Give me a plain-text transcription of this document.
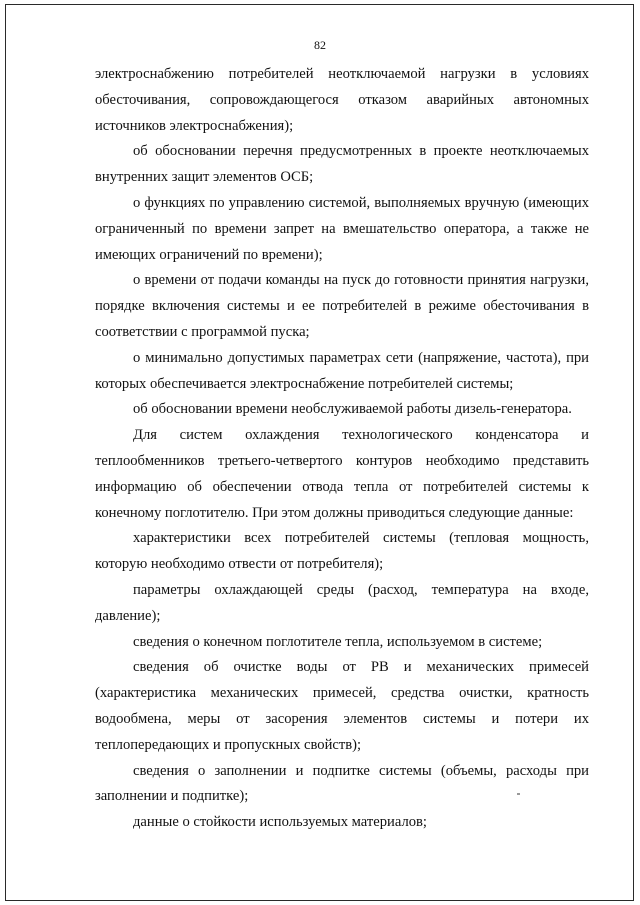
82

электроснабжению потребителей неотключаемой нагрузки в условиях обесточивания, сопровождающегося отказом аварийных автономных источников электроснабжения);

об обосновании перечня предусмотренных в проекте неотключаемых внутренних защит элементов ОСБ;

о функциях по управлению системой, выполняемых вручную (имеющих ограниченный по времени запрет на вмешательство оператора, а также не имеющих ограничений по времени);

о времени от подачи команды на пуск до готовности принятия нагрузки, порядке включения системы и ее потребителей в режиме обесточивания в соответствии с программой пуска;

о минимально допустимых параметрах сети (напряжение, частота), при которых обеспечивается электроснабжение потребителей системы;

об обосновании времени необслуживаемой работы дизель-генератора.

Для систем охлаждения технологического конденсатора и теплообменников третьего-четвертого контуров необходимо представить информацию об обеспечении отвода тепла от потребителей системы к конечному поглотителю. При этом должны приводиться следующие данные:

характеристики всех потребителей системы (тепловая мощность, которую необходимо отвести от потребителя);

параметры охлаждающей среды (расход, температура на входе, давление);

сведения о конечном поглотителе тепла, используемом в системе;

сведения об очистке воды от РВ и механических примесей (характеристика механических примесей, средства очистки, кратность водообмена, меры от засорения элементов системы и потери их теплопередающих и пропускных свойств);

сведения о заполнении и подпитке системы (объемы, расходы при заполнении и подпитке);

данные о стойкости используемых материалов;
